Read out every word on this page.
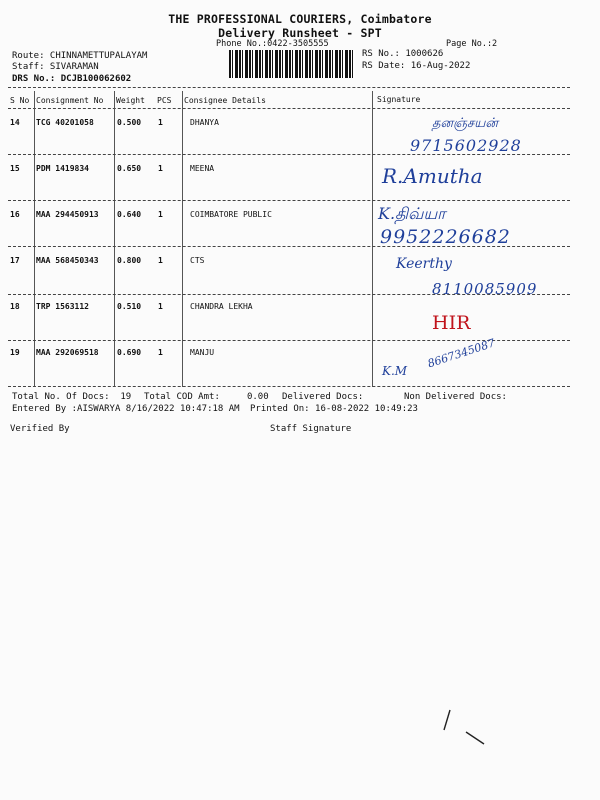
THE PROFESSIONAL COURIERS, Coimbatore
Delivery Runsheet - SPT
Phone No.:0422-3505555	Page No.:2
Route: CHINNAMETTUPALAYAM
Staff: SIVARAMAN
DRS No.: DCJB100062602
RS No.: 1000626
RS Date: 16-Aug-2022
S No Consignment No Weight PCS Consignee Details	Signature
14 TCG 40201058	0.500 1	DHANYA	தனஞ்சயன்
9715602928
15 PDM 1419834	0.650 1	MEENA	R.Amutha
16 MAA 294450913 0.640 1	COIMBATORE PUBLIC	K.திவ்யா
9952226682
17 MAA 568450343 0.800 1	CTS	Keerthy
8110085909
18 TRP 1563112	0.510 1	CHANDRA LEKHA
HIR
19 MAA 292069518 0.690 1	MANJU
K.M
8667345087
Total No. Of Docs:  19 Total COD Amt:     0.00 Delivered Docs:	Non Delivered Docs:
Entered By :AISWARYA 8/16/2022 10:47:18 AM Printed On: 16-08-2022 10:49:23
Verified By	Staff Signature
